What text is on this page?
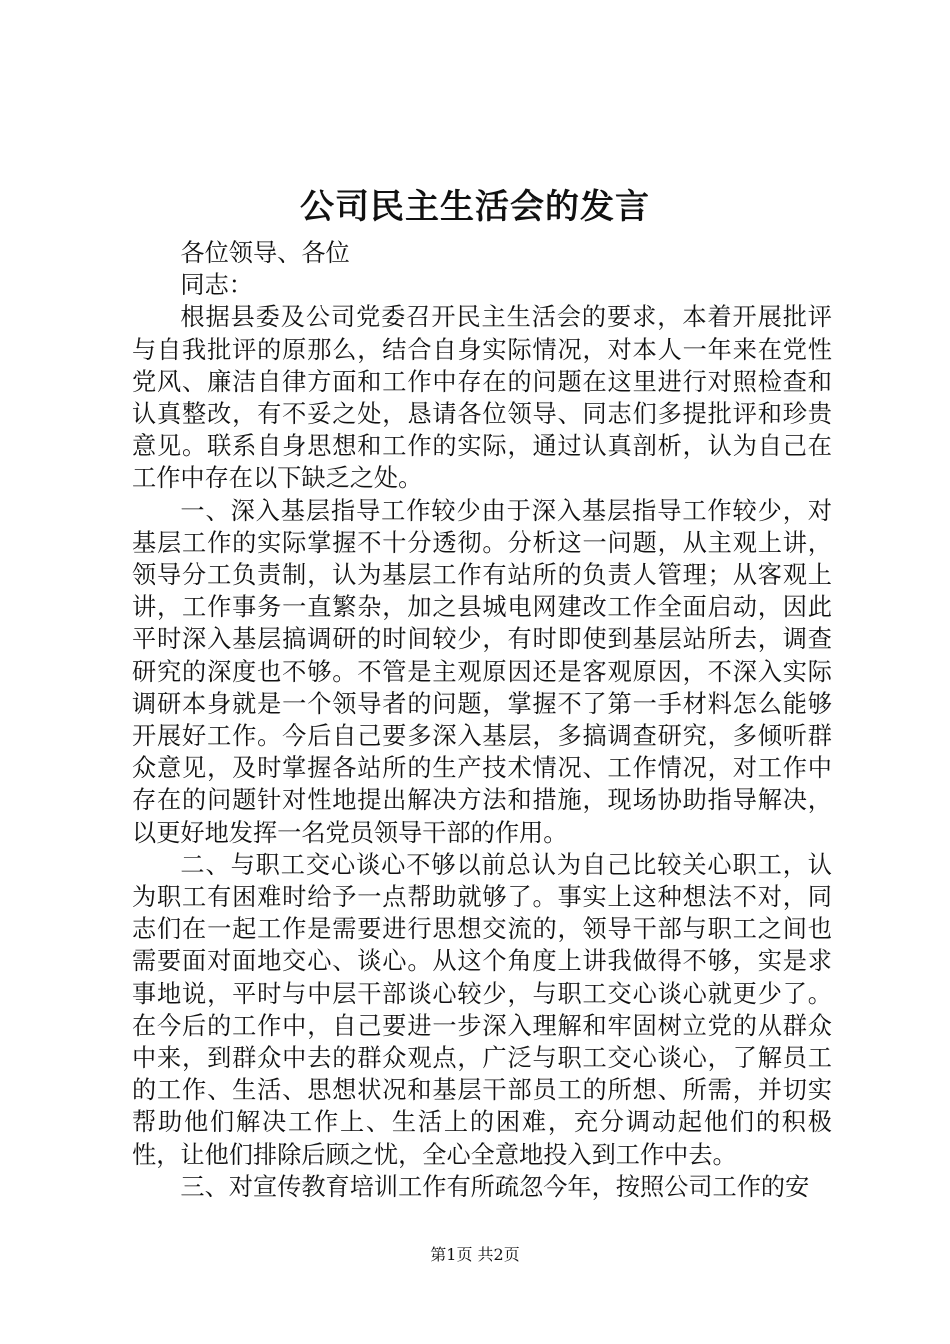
公司民主生活会的发言

各位领导、各位

同志：

根据县委及公司党委召开民主生活会的要求，本着开展批评与自我批评的原那么，结合自身实际情况，对本人一年来在党性党风、廉洁自律方面和工作中存在的问题在这里进行对照检查和认真整改，有不妥之处，恳请各位领导、同志们多提批评和珍贵意见。联系自身思想和工作的实际，通过认真剖析，认为自己在工作中存在以下缺乏之处。

一、深入基层指导工作较少由于深入基层指导工作较少，对基层工作的实际掌握不十分透彻。分析这一问题，从主观上讲，领导分工负责制，认为基层工作有站所的负责人管理；从客观上讲，工作事务一直繁杂，加之县城电网建改工作全面启动，因此平时深入基层搞调研的时间较少，有时即使到基层站所去，调查研究的深度也不够。不管是主观原因还是客观原因，不深入实际调研本身就是一个领导者的问题，掌握不了第一手材料怎么能够开展好工作。今后自己要多深入基层，多搞调查研究，多倾听群众意见，及时掌握各站所的生产技术情况、工作情况，对工作中存在的问题针对性地提出解决方法和措施，现场协助指导解决，以更好地发挥一名党员领导干部的作用。

二、与职工交心谈心不够以前总认为自己比较关心职工，认为职工有困难时给予一点帮助就够了。事实上这种想法不对，同志们在一起工作是需要进行思想交流的，领导干部与职工之间也需要面对面地交心、谈心。从这个角度上讲我做得不够，实是求事地说，平时与中层干部谈心较少，与职工交心谈心就更少了。在今后的工作中，自己要进一步深入理解和牢固树立党的从群众中来，到群众中去的群众观点，广泛与职工交心谈心，了解员工的工作、生活、思想状况和基层干部员工的所想、所需，并切实帮助他们解决工作上、生活上的困难，充分调动起他们的积极性，让他们排除后顾之忧，全心全意地投入到工作中去。

三、对宣传教育培训工作有所疏忽今年，按照公司工作的安

第1页 共2页
